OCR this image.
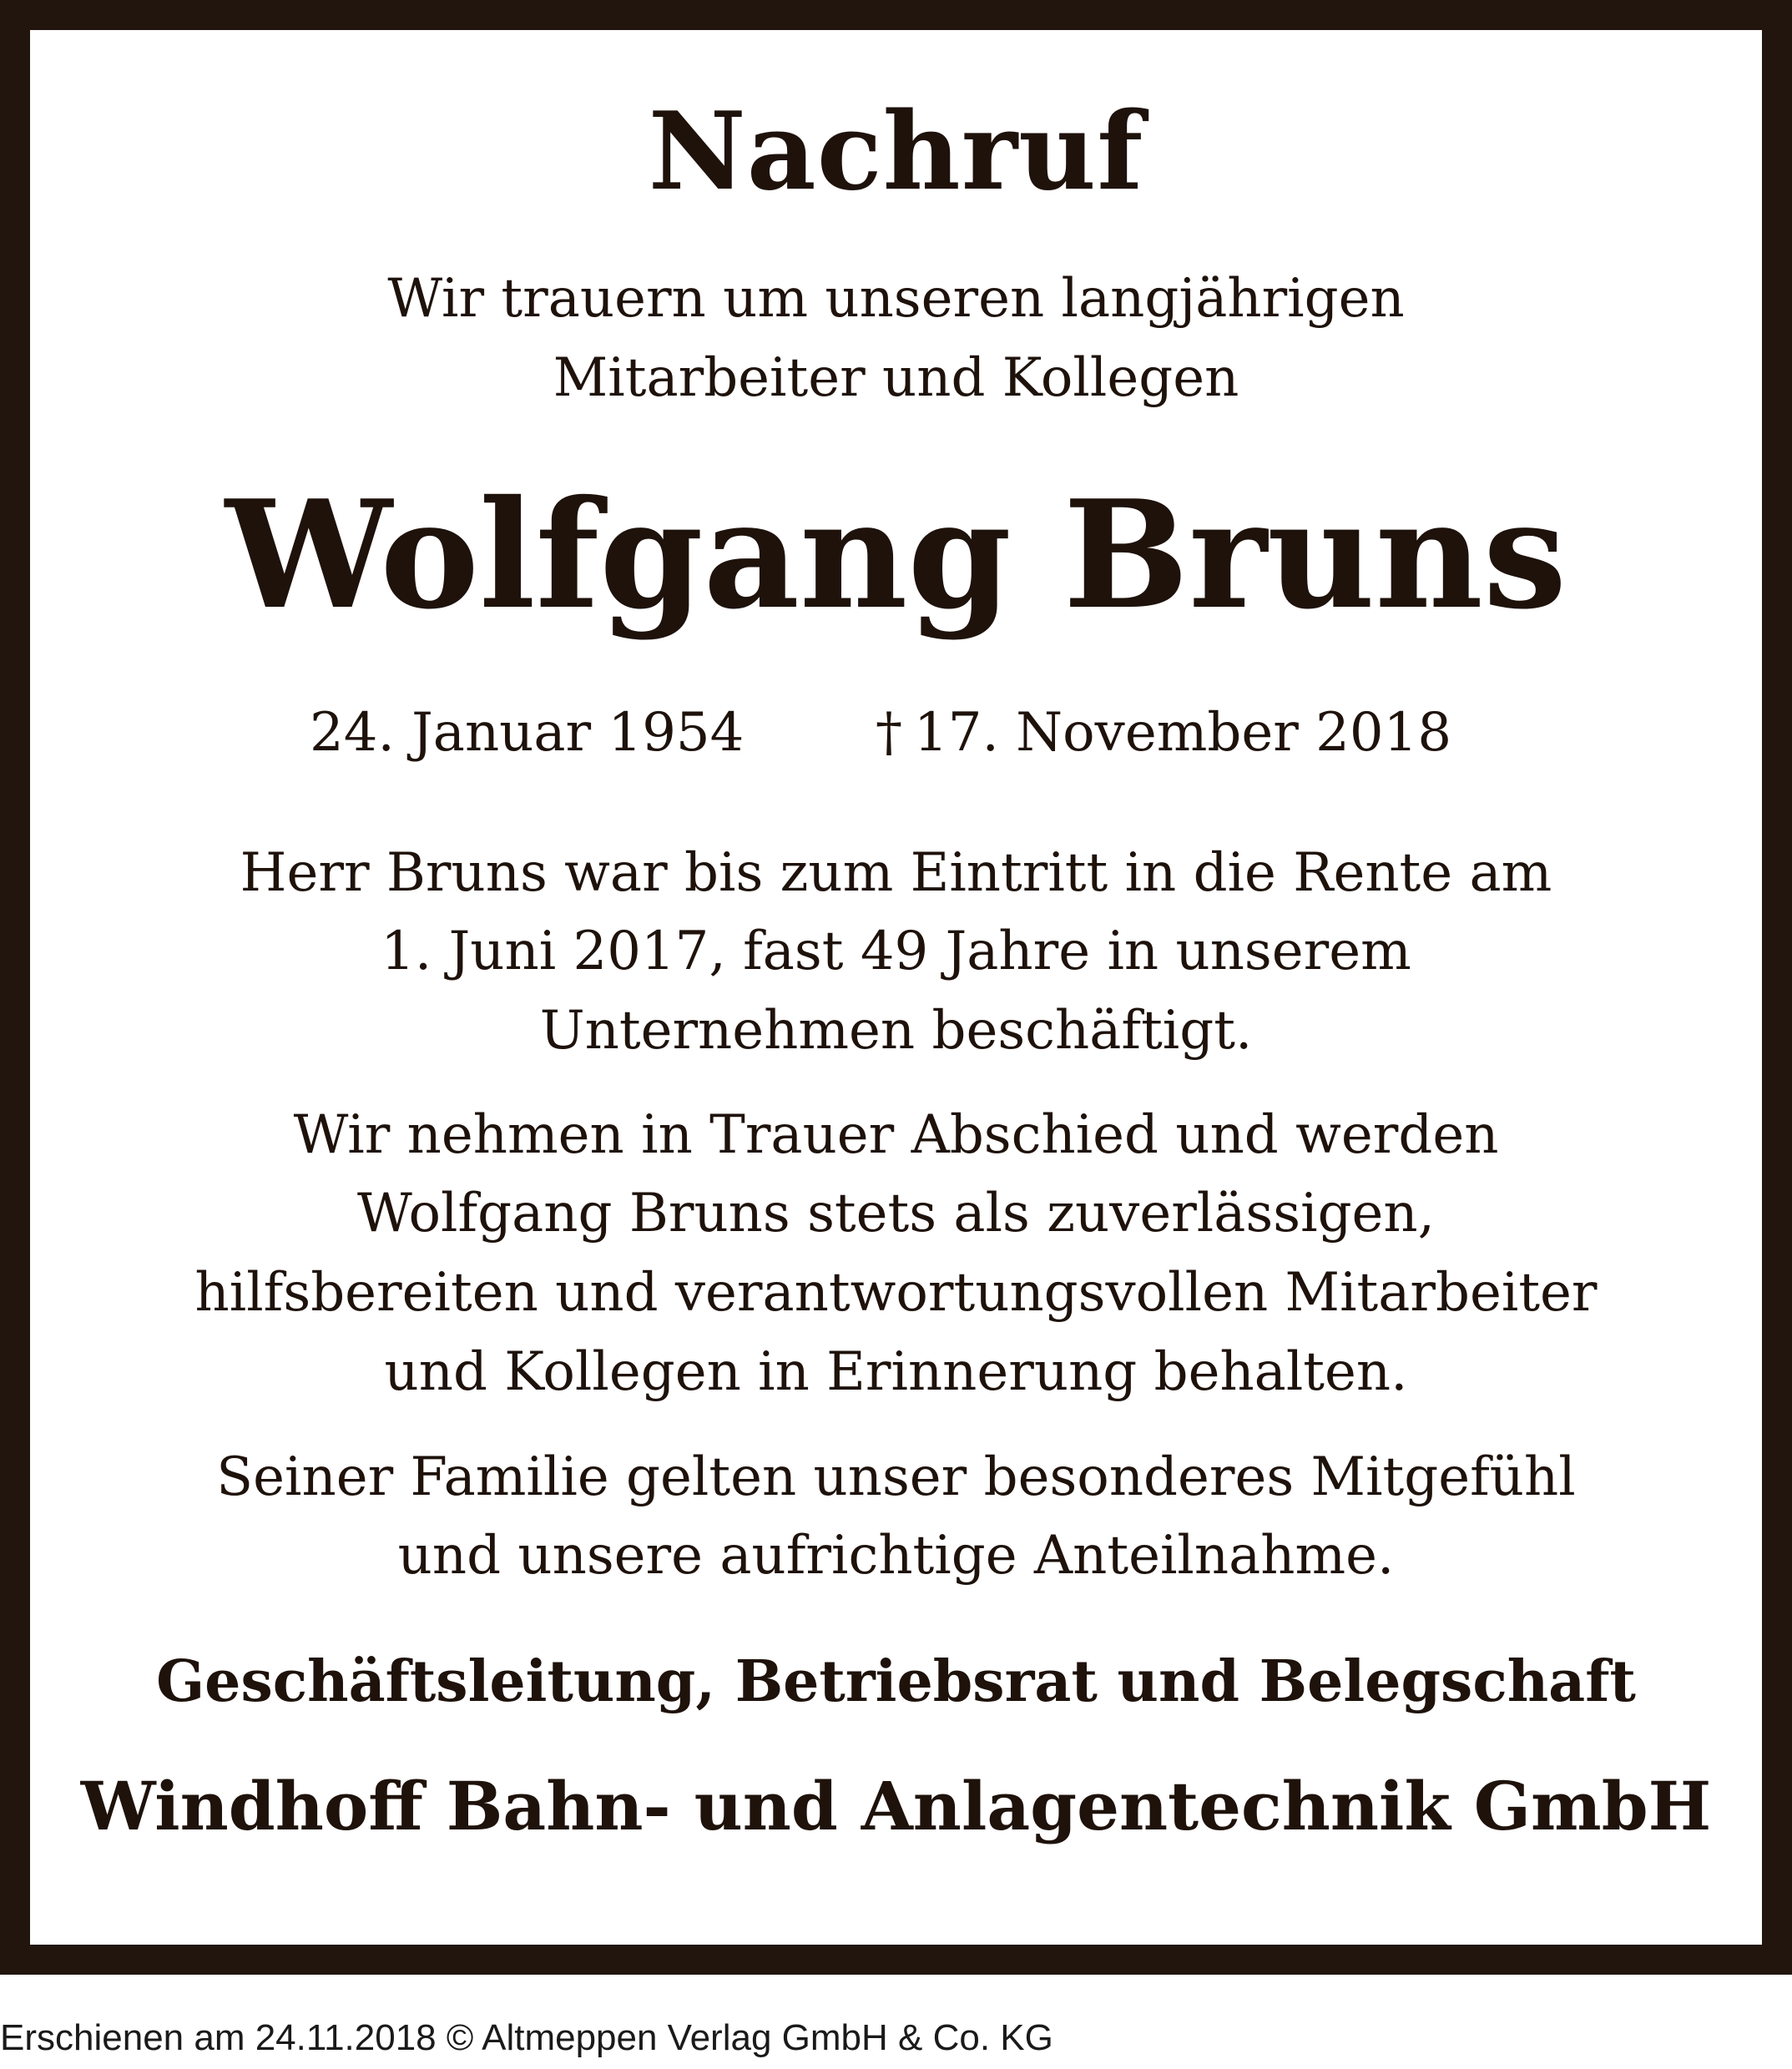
Nachruf
Wir trauern um unseren langjährigen
Mitarbeiter und Kollegen
Wolfgang Bruns
24. Januar 1954 † 17. November 2018
Herr Bruns war bis zum Eintritt in die Rente am
1. Juni 2017, fast 49 Jahre in unserem
Unternehmen beschäftigt.
Wir nehmen in Trauer Abschied und werden
Wolfgang Bruns stets als zuverlässigen,
hilfsbereiten und verantwortungsvollen Mitarbeiter
und Kollegen in Erinnerung behalten.
Seiner Familie gelten unser besonderes Mitgefühl
und unsere aufrichtige Anteilnahme.
Geschäftsleitung, Betriebsrat und Belegschaft
Windhoff Bahn- und Anlagentechnik GmbH
Erschienen am 24.11.2018 © Altmeppen Verlag GmbH & Co. KG
